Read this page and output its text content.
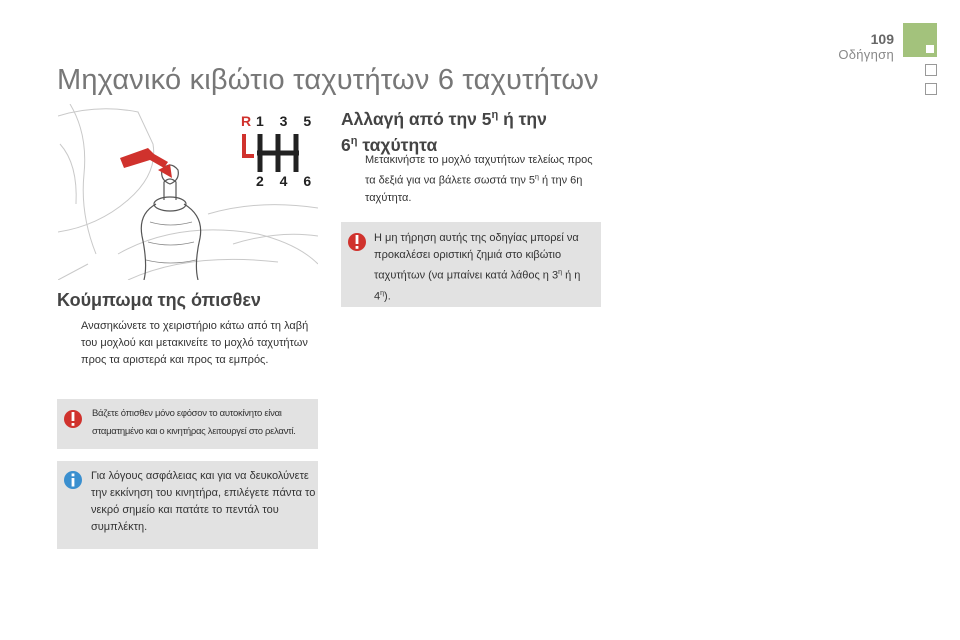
109
Οδήγηση
Μηχανικό κιβώτιο ταχυτήτων 6 ταχυτήτων
R 1 3 5
2 4 6
Κούμπωμα της όπισθεν
Ανασηκώνετε το χειριστήριο κάτω από τη λαβή του μοχλού και μετακινείτε το μοχλό ταχυτήτων προς τα αριστερά και προς τα εμπρός.
Βάζετε όπισθεν μόνο εφόσον το αυτοκίνητο είναι σταματημένο και ο κινητήρας λειτουργεί στο ρελαντί.
Για λόγους ασφάλειας και για να δευκολύνετε την εκκίνηση του κινητήρα, επιλέγετε πάντα το νεκρό σημείο και πατάτε το πεντάλ του συμπλέκτη.
Αλλαγή από την $5^\eta$ ή την
$6^\eta$ ταχύτητα
Μετακινήστε το μοχλό ταχυτήτων τελείως προς τα δεξιά για να βάλετε σωστά την $5^\eta$ ή την 6η ταχύτητα.
Η μη τήρηση αυτής της οδηγίας μπορεί να προκαλέσει οριστική ζημιά στο κιβώτιο ταχυτήτων (να μπαίνει κατά λάθος η $3^\eta$ ή η $4^\eta$).
